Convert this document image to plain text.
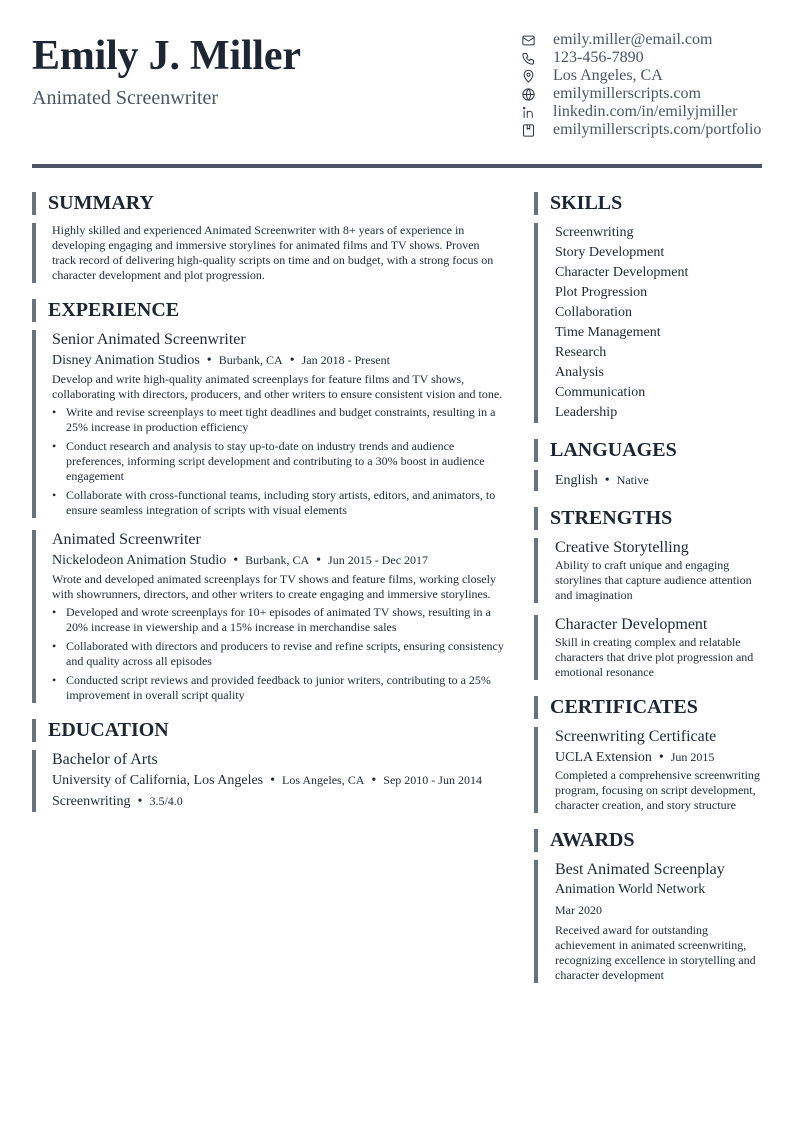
Emily J. Miller
Animated Screenwriter
emily.miller@email.com
123-456-7890
Los Angeles, CA
emilymillerscripts.com
linkedin.com/in/emilyjmiller
emilymillerscripts.com/portfolio
SUMMARY
Highly skilled and experienced Animated Screenwriter with 8+ years of experience in developing engaging and immersive storylines for animated films and TV shows. Proven track record of delivering high-quality scripts on time and on budget, with a strong focus on character development and plot progression.
EXPERIENCE
Senior Animated Screenwriter
Disney Animation Studios • Burbank, CA • Jan 2018 - Present
Develop and write high-quality animated screenplays for feature films and TV shows, collaborating with directors, producers, and other writers to ensure consistent vision and tone.
• Write and revise screenplays to meet tight deadlines and budget constraints, resulting in a 25% increase in production efficiency
• Conduct research and analysis to stay up-to-date on industry trends and audience preferences, informing script development and contributing to a 30% boost in audience engagement
• Collaborate with cross-functional teams, including story artists, editors, and animators, to ensure seamless integration of scripts with visual elements
Animated Screenwriter
Nickelodeon Animation Studio • Burbank, CA • Jun 2015 - Dec 2017
Wrote and developed animated screenplays for TV shows and feature films, working closely with showrunners, directors, and other writers to create engaging and immersive storylines.
• Developed and wrote screenplays for 10+ episodes of animated TV shows, resulting in a 20% increase in viewership and a 15% increase in merchandise sales
• Collaborated with directors and producers to revise and refine scripts, ensuring consistency and quality across all episodes
• Conducted script reviews and provided feedback to junior writers, contributing to a 25% improvement in overall script quality
EDUCATION
Bachelor of Arts
University of California, Los Angeles • Los Angeles, CA • Sep 2010 - Jun 2014
Screenwriting • 3.5/4.0
SKILLS
Screenwriting
Story Development
Character Development
Plot Progression
Collaboration
Time Management
Research
Analysis
Communication
Leadership
LANGUAGES
English • Native
STRENGTHS
Creative Storytelling
Ability to craft unique and engaging storylines that capture audience attention and imagination
Character Development
Skill in creating complex and relatable characters that drive plot progression and emotional resonance
CERTIFICATES
Screenwriting Certificate
UCLA Extension • Jun 2015
Completed a comprehensive screenwriting program, focusing on script development, character creation, and story structure
AWARDS
Best Animated Screenplay
Animation World Network
Mar 2020
Received award for outstanding achievement in animated screenwriting, recognizing excellence in storytelling and character development
